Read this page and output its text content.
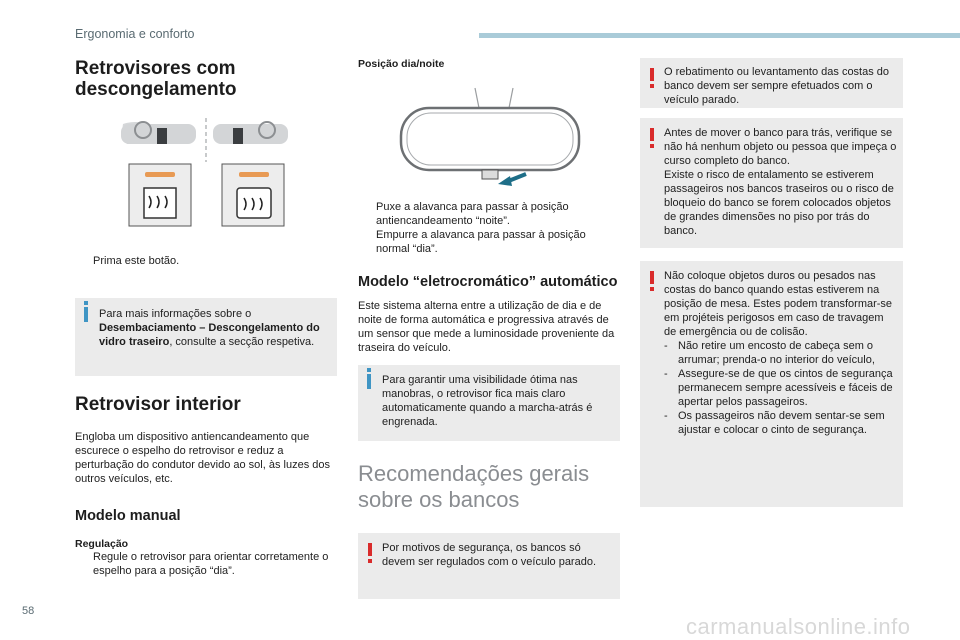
Ergonomia e conforto
Retrovisores com descongelamento
Prima este botão.
Para mais informações sobre o Desembaciamento – Descongelamento do vidro traseiro, consulte a secção respetiva.
Retrovisor interior

Engloba um dispositivo antiencandeamento que escurece o espelho do retrovisor e reduz a perturbação do condutor devido ao sol, às luzes dos outros veículos, etc.

Modelo manual
Regulação
Regule o retrovisor para orientar corretamente o espelho para a posição “dia”.
Posição dia/noite
Puxe a alavanca para passar à posição antiencandeamento “noite”.
Empurre a alavanca para passar à posição normal “dia”.
Modelo “eletrocromático” automático

Este sistema alterna entre a utilização de dia e de noite de forma automática e progressiva através de um sensor que mede a luminosidade proveniente da traseira do veículo.

Para garantir uma visibilidade ótima nas manobras, o retrovisor fica mais claro automaticamente quando a marcha-atrás é engrenada.
Recomendações gerais sobre os bancos
Por motivos de segurança, os bancos só devem ser regulados com o veículo parado.
O rebatimento ou levantamento das costas do banco devem ser sempre efetuados com o veículo parado.
Antes de mover o banco para trás, verifique se não há nenhum objeto ou pessoa que impeça o curso completo do banco.
Existe o risco de entalamento se estiverem passageiros nos bancos traseiros ou o risco de bloqueio do banco se forem colocados objetos de grandes dimensões no piso por trás do banco.
Não coloque objetos duros ou pesados nas costas do banco quando estas estiverem na posição de mesa. Estes podem transformar-se em projéteis perigosos em caso de travagem de emergência ou de colisão.
- Não retire um encosto de cabeça sem o arrumar; prenda-o no interior do veículo,
- Assegure-se de que os cintos de segurança permanecem sempre acessíveis e fáceis de apertar pelos passageiros.
- Os passageiros não devem sentar-se sem ajustar e colocar o cinto de segurança.
58
carmanualsonline.info
